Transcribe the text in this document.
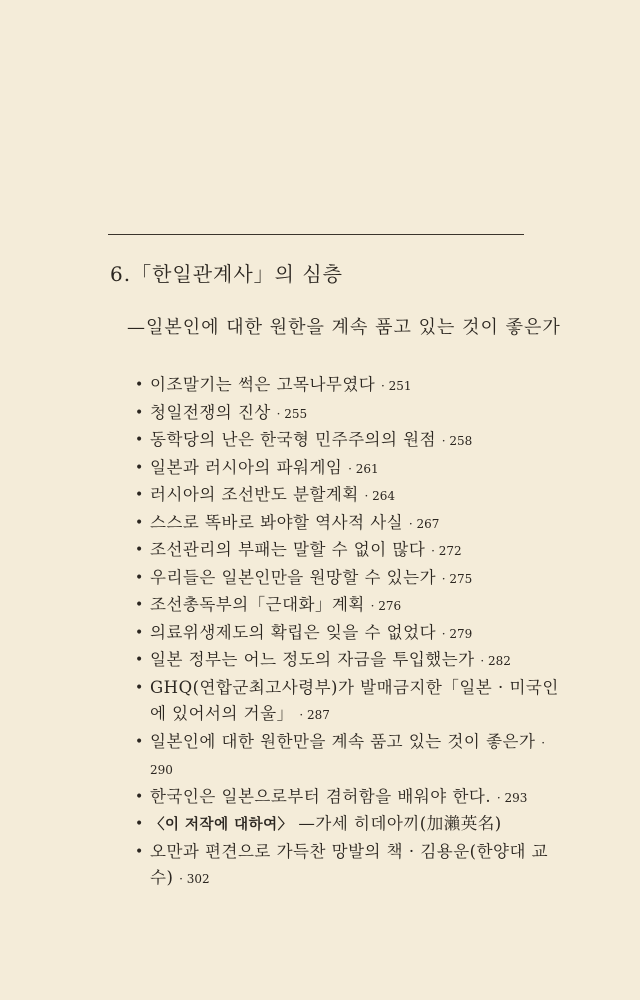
6.「한일관계사」의 심층
—일본인에 대한 원한을 계속 품고 있는 것이 좋은가
• 이조말기는 썩은 고목나무였다 · 251
• 청일전쟁의 진상 · 255
• 동학당의 난은 한국형 민주주의의 원점 · 258
• 일본과 러시아의 파워게임 · 261
• 러시아의 조선반도 분할계획 · 264
• 스스로 똑바로 봐야할 역사적 사실 · 267
• 조선관리의 부패는 말할 수 없이 많다 · 272
• 우리들은 일본인만을 원망할 수 있는가 · 275
• 조선총독부의「근대화」계획 · 276
• 의료위생제도의 확립은 잊을 수 없었다 · 279
• 일본 정부는 어느 정도의 자금을 투입했는가 · 282
• GHQ(연합군최고사령부)가 발매금지한「일본 · 미국인에 있어서의 거울」 · 287
• 일본인에 대한 원한만을 계속 품고 있는 것이 좋은가 · 290
• 한국인은 일본으로부터 겸허함을 배워야 한다. · 293
• 〈이 저작에 대하여〉 —가세 히데아끼(加瀨英名)
• 오만과 편견으로 가득찬 망발의 책 · 김용운(한양대 교수) · 302
